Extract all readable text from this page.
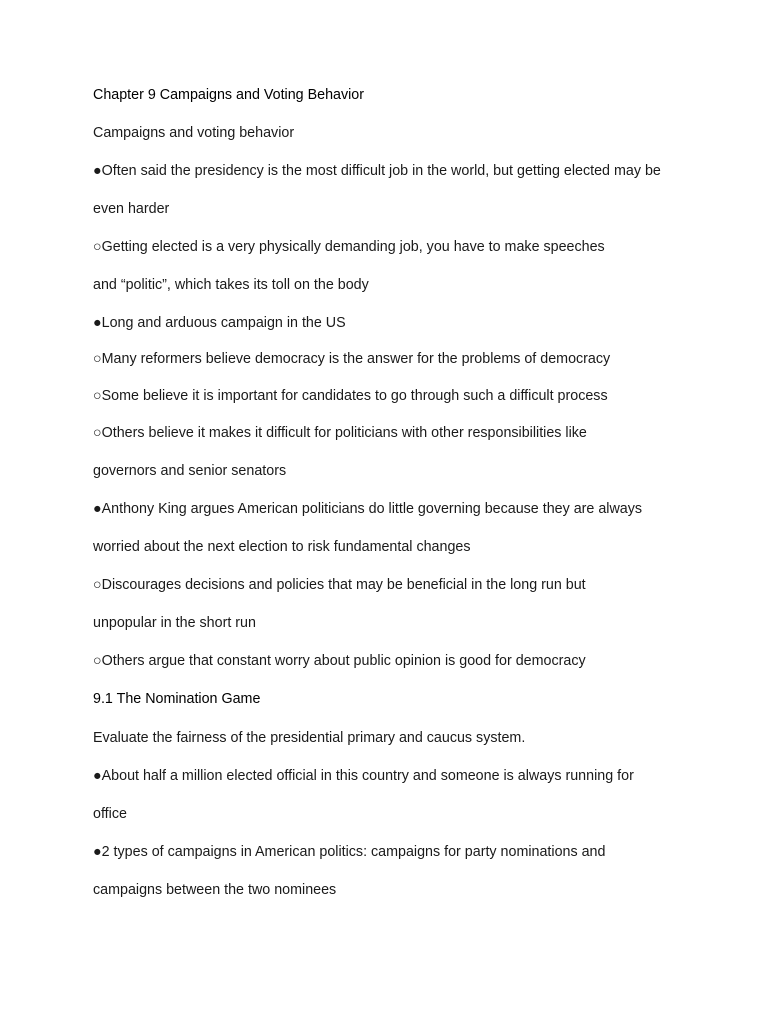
Chapter 9 Campaigns and Voting Behavior

Campaigns and voting behavior

●Often said the presidency is the most difficult job in the world, but getting elected may be

even harder

○Getting elected is a very physically demanding job, you have to make speeches

and “politic”, which takes its toll on the body

●Long and arduous campaign in the US

○Many reformers believe democracy is the answer for the problems of democracy

○Some believe it is important for candidates to go through such a difficult process

○Others believe it makes it difficult for politicians with other responsibilities like

governors and senior senators

●Anthony King argues American politicians do little governing because they are always

worried about the next election to risk fundamental changes

○Discourages decisions and policies that may be beneficial in the long run but

unpopular in the short run

○Others argue that constant worry about public opinion is good for democracy

9.1 The Nomination Game

Evaluate the fairness of the presidential primary and caucus system.

●About half a million elected official in this country and someone is always running for

office

●2 types of campaigns in American politics: campaigns for party nominations and

campaigns between the two nominees
